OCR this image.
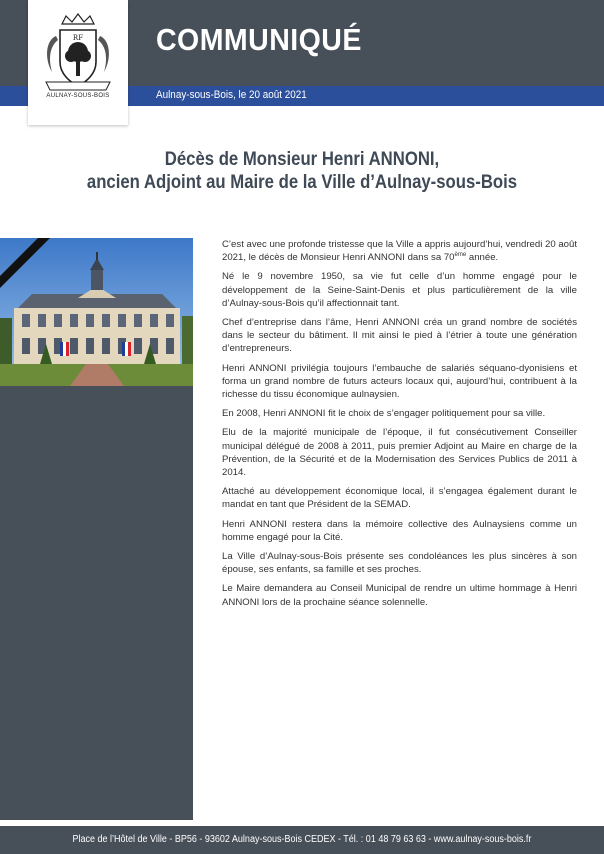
COMMUNIQUÉ
Aulnay-sous-Bois, le 20 août 2021
RF
AULNAY-SOUS-BOIS
Décès de Monsieur Henri ANNONI,
ancien Adjoint au Maire de la Ville d’Aulnay-sous-Bois

C’est avec une profonde tristesse que la Ville a appris aujourd’hui, vendredi 20 août 2021, le décès de Monsieur Henri ANNONI dans sa 70ème année.

Né le 9 novembre 1950, sa vie fut celle d’un homme engagé pour le développement de la Seine-Saint-Denis et plus particulièrement de la ville d’Aulnay-sous-Bois qu’il affectionnait tant.

Chef d’entreprise dans l’âme, Henri ANNONI créa un grand nombre de sociétés dans le secteur du bâtiment. Il mit ainsi le pied à l’étrier à toute une génération d’entrepreneurs.

Henri ANNONI privilégia toujours l’embauche de salariés séquano-dyonisiens et forma un grand nombre de futurs acteurs locaux qui, aujourd’hui, contribuent à la richesse du tissu économique aulnaysien.

En 2008, Henri ANNONI fit le choix de s’engager politiquement pour sa ville.

Elu de la majorité municipale de l’époque, il fut consécutivement Conseiller municipal délégué de 2008 à 2011, puis premier Adjoint au Maire en charge de la Prévention, de la Sécurité et de la Modernisation des Services Publics de 2011 à 2014.

Attaché au développement économique local, il s’engagea également durant le mandat en tant que Président de la SEMAD.

Henri ANNONI restera dans la mémoire collective des Aulnaysiens comme un homme engagé pour la Cité.

La Ville d’Aulnay-sous-Bois présente ses condoléances les plus sincères à son épouse, ses enfants, sa famille et ses proches.

Le Maire demandera au Conseil Municipal de rendre un ultime hommage à Henri ANNONI lors de la prochaine séance solennelle.

Place de l’Hôtel de Ville - BP56 - 93602 Aulnay-sous-Bois CEDEX - Tél. : 01 48 79 63 63 - www.aulnay-sous-bois.fr
